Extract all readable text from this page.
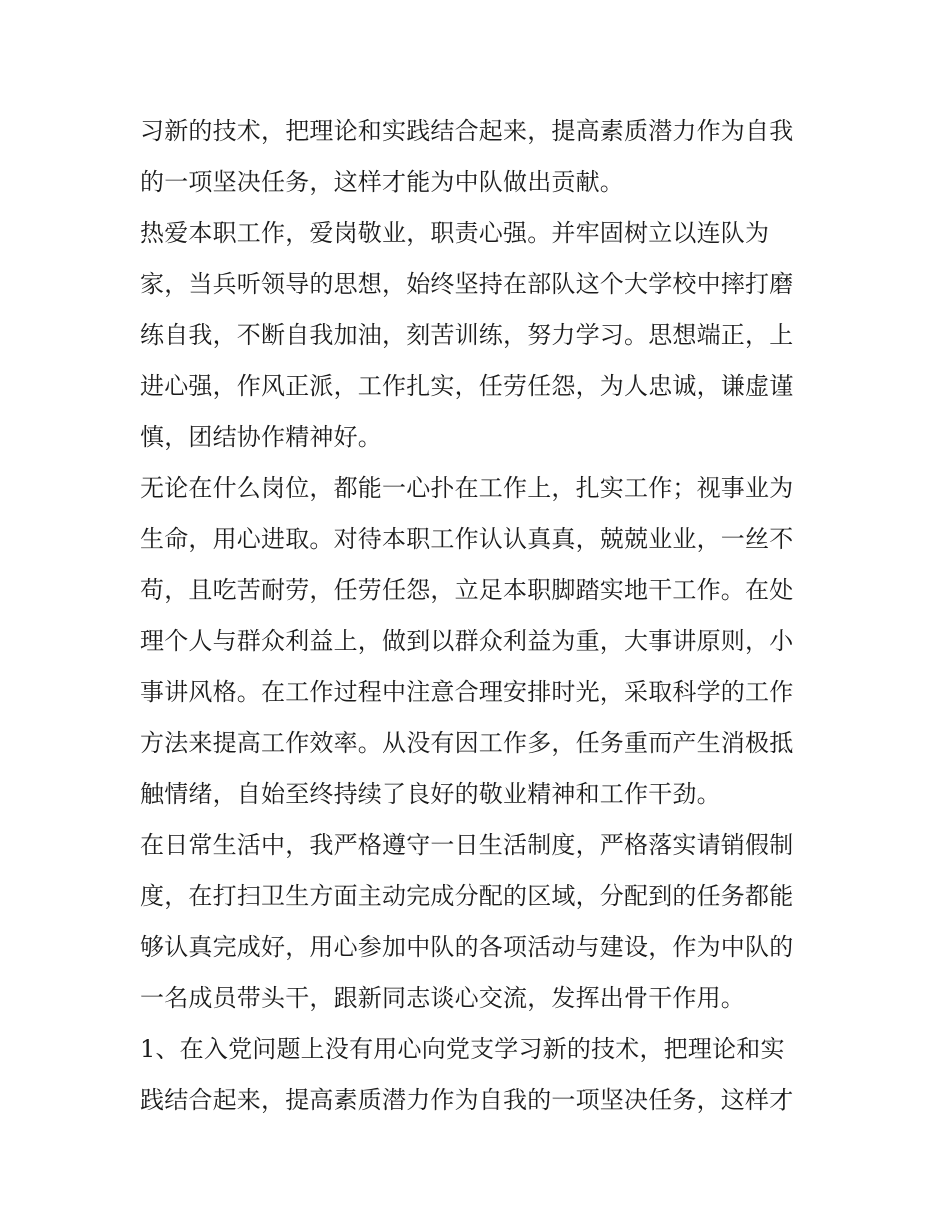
习新的技术，把理论和实践结合起来，提高素质潜力作为自我
的一项坚决任务，这样才能为中队做出贡献。
热爱本职工作，爱岗敬业，职责心强。并牢固树立以连队为
家，当兵听领导的思想，始终坚持在部队这个大学校中摔打磨
练自我，不断自我加油，刻苦训练，努力学习。思想端正，上
进心强，作风正派，工作扎实，任劳任怨，为人忠诚，谦虚谨
慎，团结协作精神好。
无论在什么岗位，都能一心扑在工作上，扎实工作；视事业为
生命，用心进取。对待本职工作认认真真，兢兢业业，一丝不
苟，且吃苦耐劳，任劳任怨，立足本职脚踏实地干工作。在处
理个人与群众利益上，做到以群众利益为重，大事讲原则，小
事讲风格。在工作过程中注意合理安排时光，采取科学的工作
方法来提高工作效率。从没有因工作多，任务重而产生消极抵
触情绪，自始至终持续了良好的敬业精神和工作干劲。
在日常生活中，我严格遵守一日生活制度，严格落实请销假制
度，在打扫卫生方面主动完成分配的区域，分配到的任务都能
够认真完成好，用心参加中队的各项活动与建设，作为中队的
一名成员带头干，跟新同志谈心交流，发挥出骨干作用。
1、在入党问题上没有用心向党支学习新的技术，把理论和实
践结合起来，提高素质潜力作为自我的一项坚决任务，这样才
